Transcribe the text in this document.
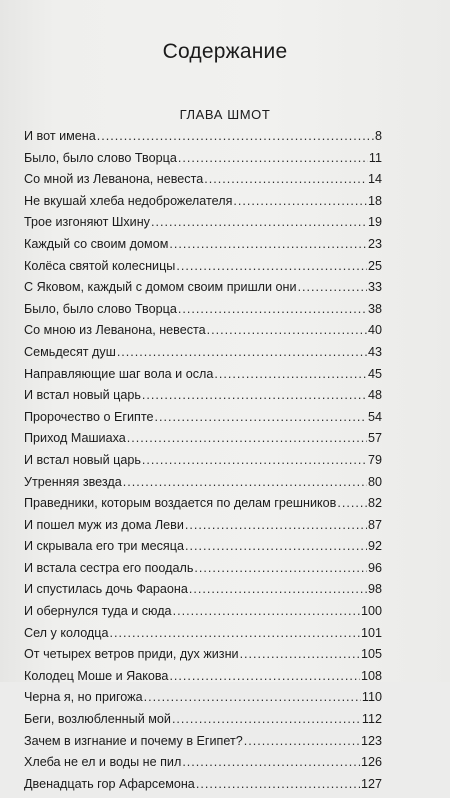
Содержание
ГЛАВА ШМОТ
И вот имена .....	8
Было, было слово Творца .....	11
Со мной из Леванона, невеста .....	14
Не вкушай хлеба недоброжелателя .....	18
Трое изгоняют Шхину .....	19
Каждый со своим домом .....	23
Колёса святой колесницы .....	25
С Яковом, каждый с домом своим пришли они .....	33
Было, было слово Творца .....	38
Со мною из Леванона, невеста .....	40
Семьдесят душ .....	43
Направляющие шаг вола и осла .....	45
И встал новый царь .....	48
Пророчество о Египте .....	54
Приход Машиаха .....	57
И встал новый царь .....	79
Утренняя звезда .....	80
Праведники, которым воздается по делам грешников .....	82
И пошел муж из дома Леви .....	87
И скрывала его три месяца .....	92
И встала сестра его поодаль .....	96
И спустилась дочь Фараона .....	98
И обернулся туда и сюда .....	100
Сел у колодца .....	101
От четырех ветров приди, дух жизни .....	105
Колодец Моше и Яакова .....	108
Черна я, но пригожа .....	110
Беги, возлюбленный мой .....	112
Зачем в изгнание и почему в Египет? .....	123
Хлеба не ел и воды не пил .....	126
Двенадцать гор Афарсемона .....	127
